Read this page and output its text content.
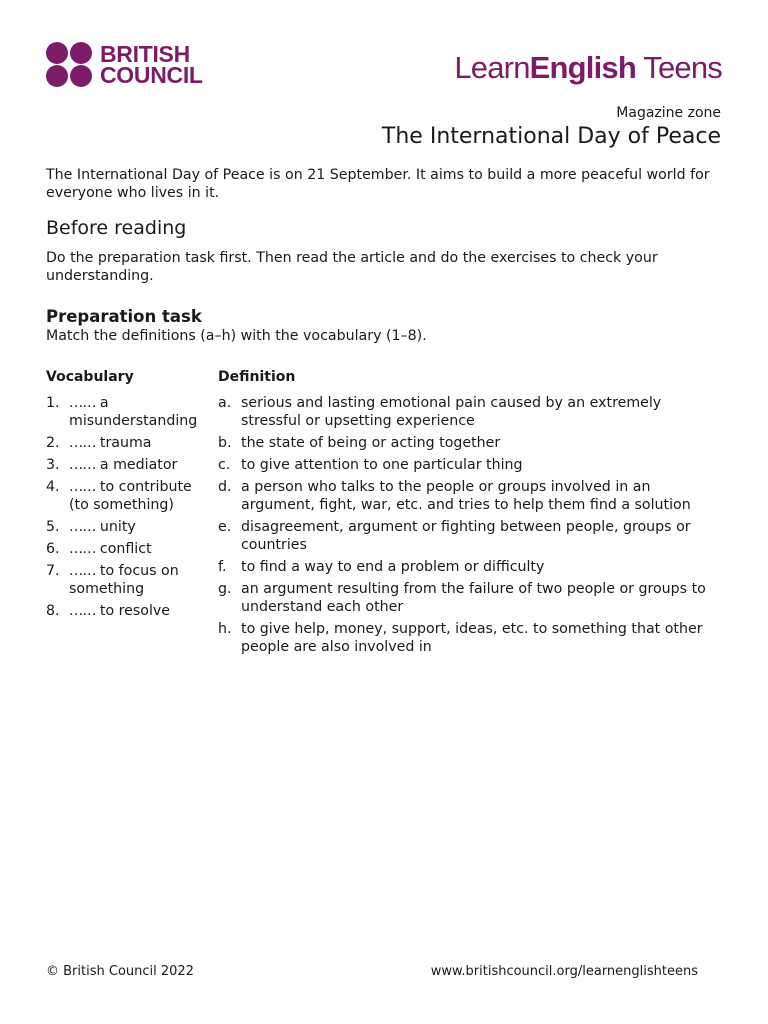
BRITISH
COUNCIL	LearnEnglish Teens
Magazine zone
The International Day of Peace

The International Day of Peace is on 21 September. It aims to build a more peaceful world for everyone who lives in it.

Before reading

Do the preparation task first. Then read the article and do the exercises to check your understanding.

Preparation task

Match the definitions (a–h) with the vocabulary (1–8).

Vocabulary	Definition
1. …… a misunderstanding
2. …… trauma
3. …… a mediator
4. …… to contribute (to something)
5. …… unity
6. …… conflict
7. …… to focus on something
8. …… to resolve
a. serious and lasting emotional pain caused by an extremely stressful or upsetting experience
b. the state of being or acting together
c. to give attention to one particular thing
d. a person who talks to the people or groups involved in an argument, fight, war, etc. and tries to help them find a solution
e. disagreement, argument or fighting between people, groups or countries
f. to find a way to end a problem or difficulty
g. an argument resulting from the failure of two people or groups to understand each other
h. to give help, money, support, ideas, etc. to something that other people are also involved in
© British Council 2022	www.britishcouncil.org/learnenglishteens
